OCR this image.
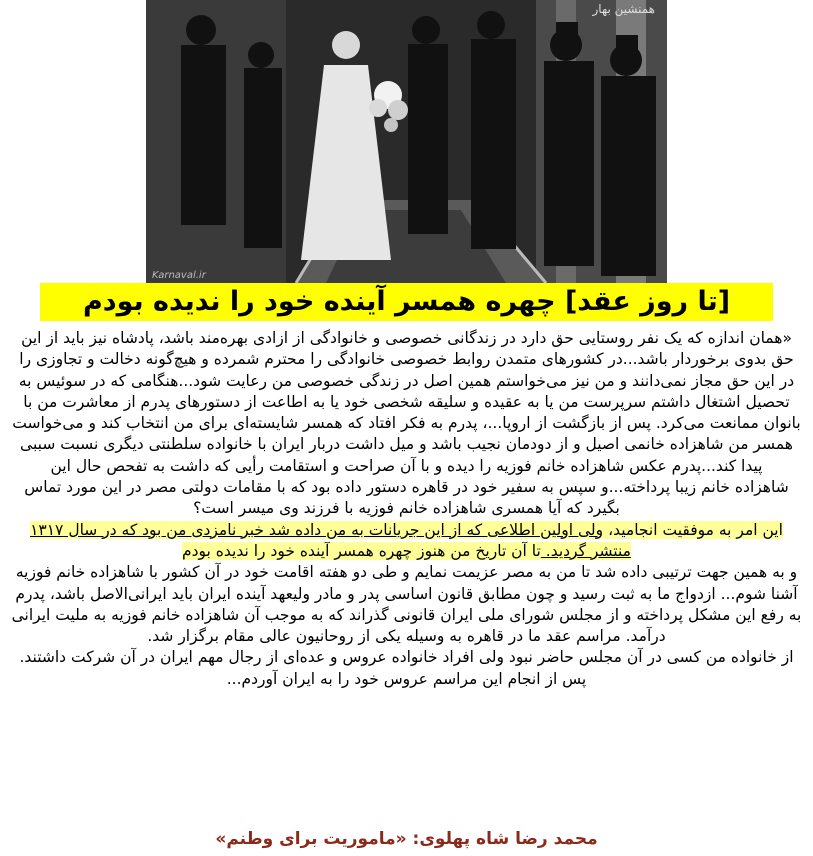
همنشین بهار
Karnaval.ir
[تا روز عقد] چهره همسر آینده خود را ندیده بودم

«همان اندازه که یک نفر روستایی حق دارد در زندگانی خصوصی و خانوادگی از ازادی بهره‌مند باشد، پادشاه نیز باید از این حق بدوی برخوردار باشد...در کشورهای متمدن روابط خصوصی خانوادگی را محترم شمرده و هیچ‌گونه دخالت و تجاوزی را در این حق مجاز نمی‌دانند و من نیز می‌خواستم همین اصل در زندگی خصوصی من رعایت شود...هنگامی که در سوئیس به تحصیل اشتغال داشتم سرپرست من یا به عقیده و سلیقه شخصی خود یا به اطاعت از دستورهای پدرم از معاشرت من با بانوان ممانعت می‌کرد. پس از بازگشت از اروپا...، پدرم به فکر افتاد که همسر شایسته‌ای برای من انتخاب کند و می‌خواست همسر من شاهزاده خانمی اصیل و از دودمان نجیب باشد و میل داشت دربار ایران با خانواده سلطنتی دیگری نسبت سببی پیدا کند...پدرم عکس شاهزاده خانم فوزیه را دیده و با آن صراحت و استقامت رأیی که داشت به تفحص حال این

شاهزاده خانم زیبا پرداخته...و سپس به سفیر خود در قاهره دستور داده بود که با مقامات دولتی مصر در این مورد تماس بگیرد که آیا همسری شاهزاده خانم فوزیه با فرزند وی میسر است؟

این امر به موفقیت انجامید، ولی اولین اطلاعی که از این جریانات به من داده شد خبر نامزدی من بود که در سال ۱۳۱۷ منتشر گردید. تا آن تاریخ من هنوز چهره همسر آینده خود را ندیده بودم

و به همین جهت ترتیبی داده شد تا من به مصر عزیمت نمایم و طی دو هفته اقامت خود در آن کشور با شاهزاده خانم فوزیه آشنا شوم... ازدواج ما به ثبت رسید و چون مطابق قانون اساسی پدر و مادر ولیعهد آینده ایران باید ایرانی‌الاصل باشد، پدرم به رفع این مشکل پرداخته و از مجلس شورای ملی ایران قانونی گذراند که به موجب آن شاهزاده خانم فوزیه به ملیت ایرانی درآمد. مراسم عقد ما در قاهره به وسیله یکی از روحانیون عالی مقام برگزار شد.

از خانواده من کسی در آن مجلس حاضر نبود ولی افراد خانواده عروس و عده‌ای از رجال مهم ایران در آن شرکت داشتند. پس از انجام این مراسم عروس خود را به ایران آوردم...

محمد رضا شاه پهلوی: «ماموریت برای وطنم»
